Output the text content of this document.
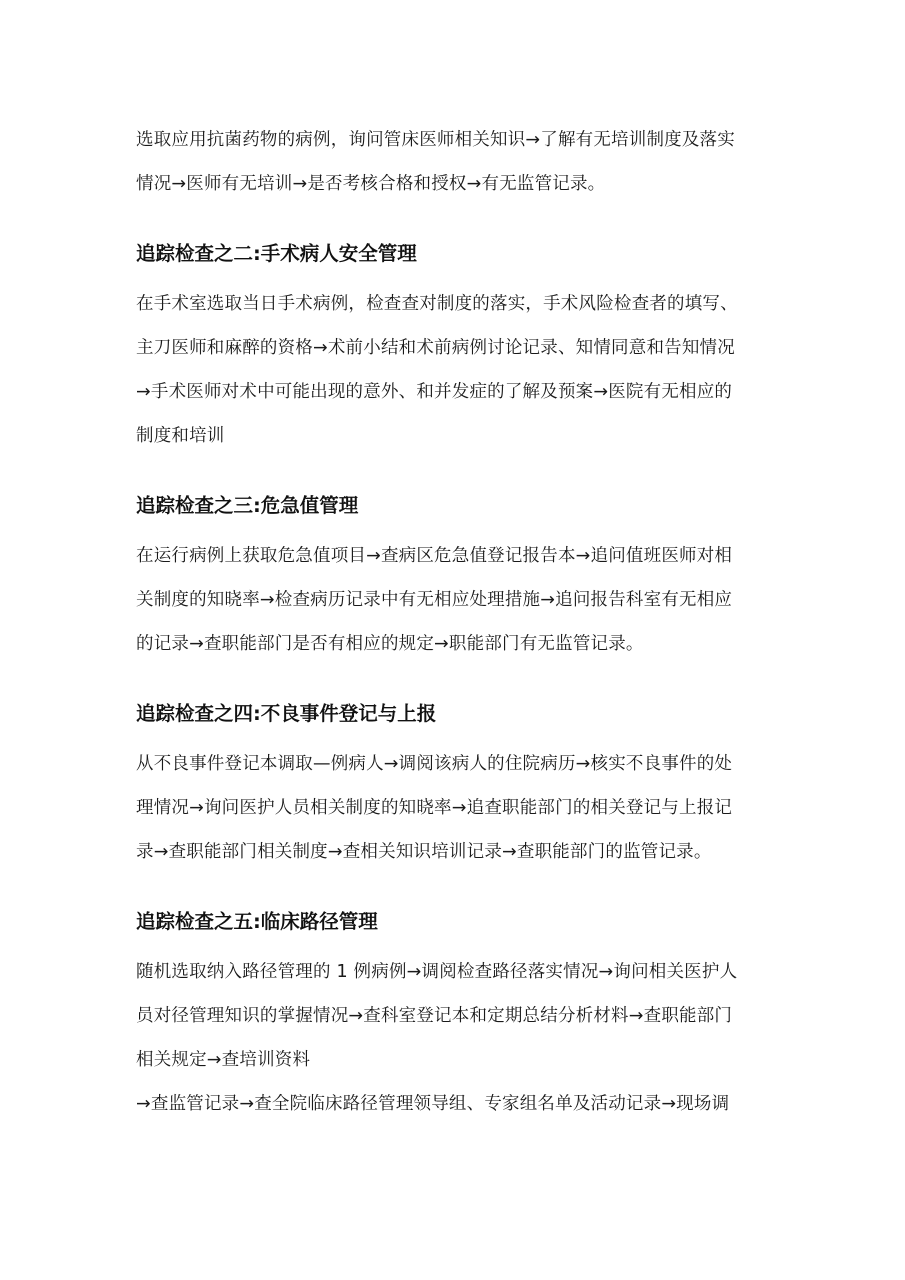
选取应用抗菌药物的病例，询问管床医师相关知识→了解有无培训制度及落实
情况→医师有无培训→是否考核合格和授权→有无监管记录。
追踪检查之二:手术病人安全管理
在手术室选取当日手术病例，检查查对制度的落实，手术风险检查者的填写、
主刀医师和麻醉的资格→术前小结和术前病例讨论记录、知情同意和告知情况
→手术医师对术中可能出现的意外、和并发症的了解及预案→医院有无相应的
制度和培训
追踪检查之三:危急值管理
在运行病例上获取危急值项目→查病区危急值登记报告本→追问值班医师对相
关制度的知晓率→检查病历记录中有无相应处理措施→追问报告科室有无相应
的记录→查职能部门是否有相应的规定→职能部门有无监管记录。
追踪检查之四:不良事件登记与上报
从不良事件登记本调取—例病人→调阅该病人的住院病历→核实不良事件的处
理情况→询问医护人员相关制度的知晓率→追查职能部门的相关登记与上报记
录→查职能部门相关制度→查相关知识培训记录→查职能部门的监管记录。
追踪检查之五:临床路径管理
随机选取纳入路径管理的 1 例病例→调阅检查路径落实情况→询问相关医护人
员对径管理知识的掌握情况→查科室登记本和定期总结分析材料→查职能部门
相关规定→查培训资料
→查监管记录→查全院临床路径管理领导组、专家组名单及活动记录→现场调
